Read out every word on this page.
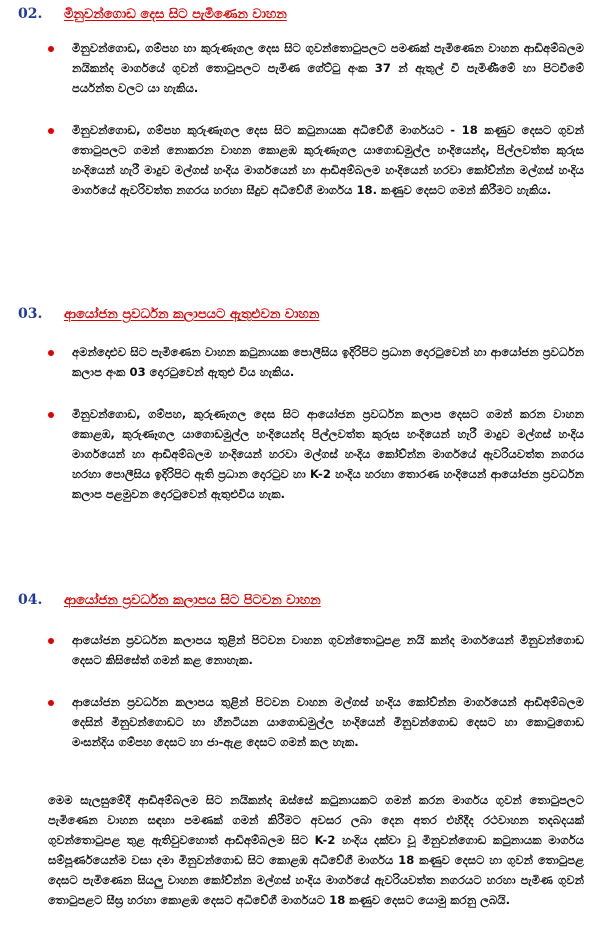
02.	මිනුවන්ගොඩ දෙස සිට පැමිණෙන වාහන
මිනුවන්ගොඩ, ගම්පහ හා කුරුණෑගල දෙස සිට ගුවන්තොටුපලට පමණක් පැමිණෙන වාහන ආඩිඅම්බලම නයිකන්ද මාර්ගයේ ගුවන් තොටුපලට පැමිණ ගේට්ටු අංක 37 න් ඇතුල් වී පැමිණීමේ හා පිටවීමේ පර්යන්ත වලට යා හැකිය.
මිනුවන්ගොඩ, ගම්පහ කුරුණෑගල දෙස සිට කටුනායක අධිවේගී මාර්ගයට - 18 කණුව දෙසට ගුවන් තොටුපලට ගමන් නොකරන වාහන කොළඹ කුරුණෑගල යාගොඩමුල්ල හංදියෙන්ද, පිල්ලවත්ත කුරුස හංදියෙන් හැරී මාදුව මල්ගස් හංදිය මාර්ගයෙන් හා ආඩිඅම්බලම හංදියෙන් හරවා කෝව්න්න මල්ගස් හංදිය මාර්ගයේ ඇවරිවත්ත නගරය හරහා සීදුව අධිවේගී මාර්ගය 18. කණුව දෙසට ගමන් කිරීමට හැකිය.
03.	ආයෝජන ප්‍රවර්ධන කලාපයට ඇතුළුවන වාහන
අමන්දොළුව සිට පැමිණෙන වාහන කටුනායක පොලීසිය ඉදිරිපිට ප්‍රධාන දොරටුවෙන් හා ආයෝජන ප්‍රවර්ධන කලාප අංක 03 දොරටුවෙන් ඇතුළු විය හැකිය.
මිනුවන්ගොඩ, ගම්පහ, කුරුණෑගල දෙස සිට ආයෝජන ප්‍රවර්ධන කලාප දෙසට ගමන් කරන වාහන කොළඹ, කුරුණෑගල යාගොඩමුල්ල හංදියෙන්ද පිල්ලවත්ත කුරුස හංදියෙන් හැරී මාදුව මල්ගස් හංදිය මාර්ගයෙන් හා ආඩිඅම්බලම හංදියෙන් හරවා මල්ගස් හංදිය කෝව්න්න මාර්ගයේ ඇවරියවත්ත නගරය හරහා පොලීසිය ඉදිරිපිට ඇති ප්‍රධාන දොරටුව හා K-2 හංදිය හරහා තොරණ හංදියෙන් ආයෝජන ප්‍රවර්ධන කලාප පළමුවන දොරටුවෙන් ඇතුළුවිය හැක.
04.	ආයෝජන ප්‍රවර්ධන කලාපය සිට පිටවන වාහන
ආයෝජන ප්‍රවර්ධන කලාපය තුළින් පිටවන වාහන ගුවන්තොටුපළ නයි කන්ද මාර්ගයෙන් මිනුවන්ගොඩ දෙසට කිසිසේත් ගමන් කළ නොහැක.
ආයෝජන ප්‍රවර්ධන කලාපය තුළින් පිටවන වාහන මල්ගස් හංදිය කෝව්න්න මාර්ගයෙන් ආඩිඅම්බලම දෙසින් මිනුවන්ගොඩට හා හීනටියන යාගොඩමුල්ල හංදියෙන් මිනුවන්ගොඩ දෙසට හා කොටුගොඩ මංසන්දිය ගම්පහ දෙසට හා ජා-ඇළ දෙසට ගමන් කල හැක.

මෙම සැලසුමේදී ආඩිඅම්බලම සිට නයිකන්ද ඔස්සේ කටුනායකට ගමන් කරන මාර්ගය ගුවන් තොටුපලට පැමිණෙන වාහන සඳහා පමණක් ගමන් කිරීමට අවසර ලබා දෙන අතර එහිදීද රථවාහන තදබදයක් ගුවන්තොටුපළ තුළ ඇතිවුවහොත් ආඩිඅම්බලම සිට K-2 හංදිය දක්වා වූ මිනුවන්ගොඩ කටුනායක මාර්ගය සම්පූර්ණයෙන්ම වසා දමා මිනුවන්ගොඩ සිට කොළඹ අධිවේගී මාර්ගය 18 කණුව දෙසට හා ගුවන් තොටුපළ දෙසට පැමිණෙන සියලු වාහන කෝව්න්න මල්ගස් හංදිය මාර්ගයේ ඇවරියවත්ත නගරයට හරහා පැමිණ ගුවන් තොටුපළට සීඝ්‍ර හරහා කොළඹ දෙසට අධිවේගී මාර්ගයට 18 කණුව දෙසට යොමු කරනු ලබයි.
